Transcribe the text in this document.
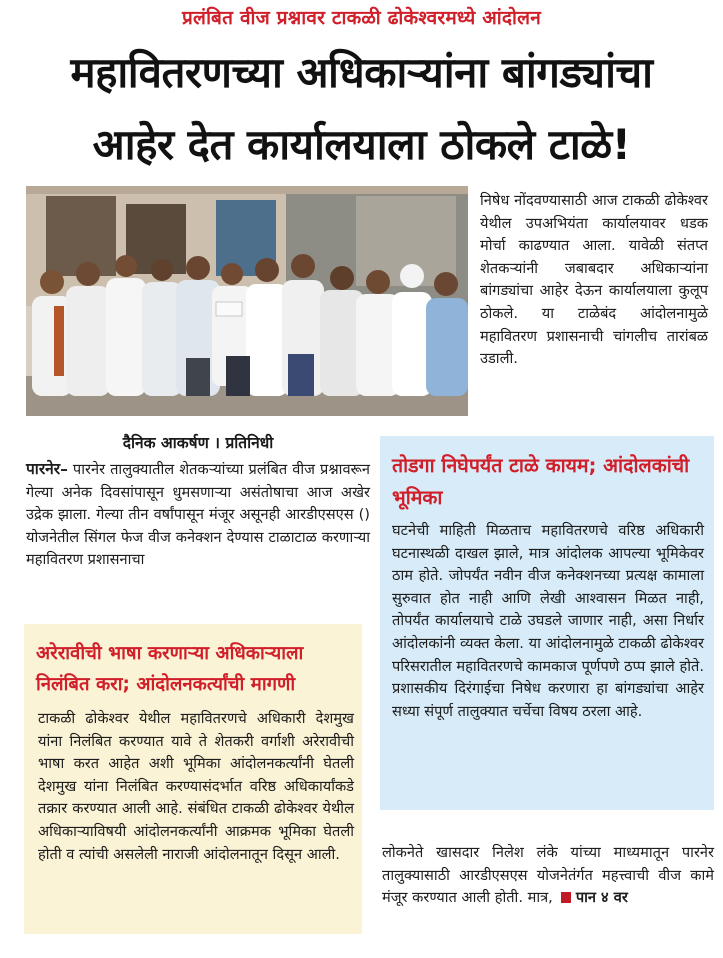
प्रलंबित वीज प्रश्नावर टाकळी ढोकेश्वरमध्ये आंदोलन
महावितरणच्या अधिकाऱ्यांना बांगड्यांचा
आहेर देत कार्यालयाला ठोकले टाळे!
निषेध नोंदवण्यासाठी आज टाकळी ढोकेश्वर येथील उपअभियंता कार्यालयावर धडक मोर्चा काढण्यात आला. यावेळी संतप्त शेतकऱ्यांनी जबाबदार अधिकाऱ्यांना बांगड्यांचा आहेर देऊन कार्यालयाला कुलूप ठोकले. या टाळेबंद आंदोलनामुळे महावितरण प्रशासनाची चांगलीच तारांबळ उडाली.
दैनिक आकर्षण । प्रतिनिधी

पारनेर– पारनेर तालुक्यातील शेतकऱ्यांच्या प्रलंबित वीज प्रश्नावरून गेल्या अनेक दिवसांपासून धुमसणाऱ्या असंतोषाचा आज अखेर उद्रेक झाला. गेल्या तीन वर्षांपासून मंजूर असूनही आरडीएसएस () योजनेतील सिंगल फेज वीज कनेक्शन देण्यास टाळाटाळ करणाऱ्या महावितरण प्रशासनाचा

अरेरावीची भाषा करणाऱ्या अधिकाऱ्याला निलंबित करा; आंदोलनकर्त्यांची मागणी
टाकळी ढोकेश्वर येथील महावितरणचे अधिकारी देशमुख यांना निलंबित करण्यात यावे ते शेतकरी वर्गाशी अरेरावीची भाषा करत आहेत अशी भूमिका आंदोलनकर्त्यांनी घेतली देशमुख यांना निलंबित करण्यासंदर्भात वरिष्ठ अधिकार्यांकडे तक्रार करण्यात आली आहे. संबंधित टाकळी ढोकेश्वर येथील अधिकाऱ्याविषयी आंदोलनकर्त्यांनी आक्रमक भूमिका घेतली होती व त्यांची असलेली नाराजी आंदोलनातून दिसून आली.
तोडगा निघेपर्यंत टाळे कायम; आंदोलकांची भूमिका
घटनेची माहिती मिळताच महावितरणचे वरिष्ठ अधिकारी घटनास्थळी दाखल झाले, मात्र आंदोलक आपल्या भूमिकेवर ठाम होते. जोपर्यंत नवीन वीज कनेक्शनच्या प्रत्यक्ष कामाला सुरुवात होत नाही आणि लेखी आश्वासन मिळत नाही, तोपर्यंत कार्यालयाचे टाळे उघडले जाणार नाही, असा निर्धार आंदोलकांनी व्यक्त केला. या आंदोलनामुळे टाकळी ढोकेश्वर परिसरातील महावितरणचे कामकाज पूर्णपणे ठप्प झाले होते. प्रशासकीय दिरंगाईचा निषेध करणारा हा बांगड्यांचा आहेर सध्या संपूर्ण तालुक्यात चर्चेचा विषय ठरला आहे.

लोकनेते खासदार निलेश लंके यांच्या माध्यमातून पारनेर तालुक्यासाठी आरडीएसएस योजनेतंर्गत महत्त्वाची वीज कामे मंजूर करण्यात आली होती. मात्र, पान ४ वर
